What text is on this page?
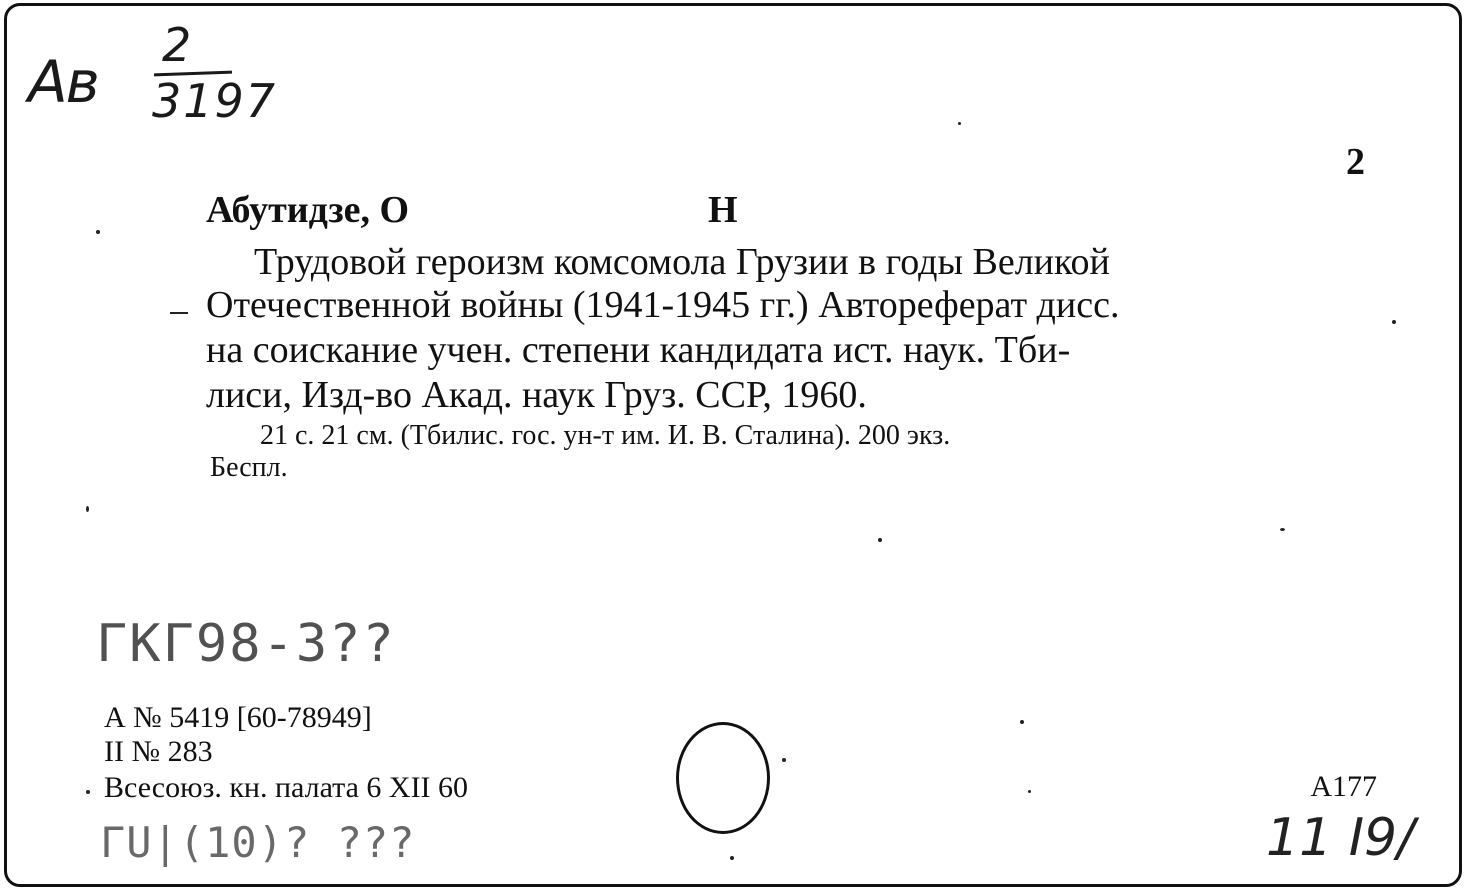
Ав
2
3197
2
Абутидзе, О	Н
Трудовой героизм комсомола Грузии в годы Великой
Отечественной войны (1941-1945 гг.) Автореферат дисс.
на соискание учен. степени кандидата ист. наук. Тби-
лиси, Изд-во Акад. наук Груз. ССР, 1960.
21 с. 21 см. (Тбилис. гос. ун-т им. И. В. Сталина). 200 экз.
Беспл.
ГКГ98-3??
А № 5419 [60-78949]
II № 283
Всесоюз. кн. палата 6 XII 60	А177
ГU|(10)? ???	11 I9/
